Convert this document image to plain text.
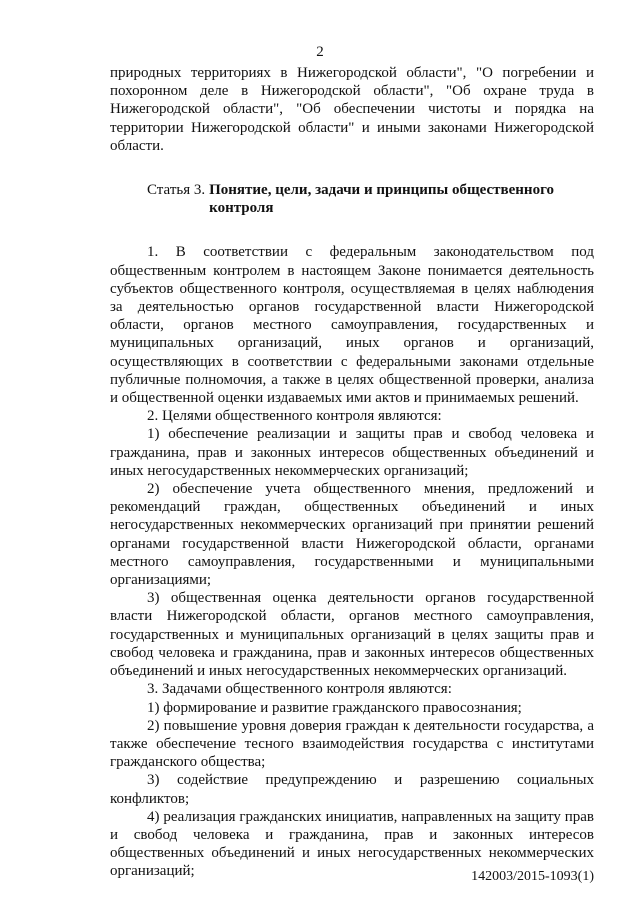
2

природных территориях в Нижегородской области", "О погребении и похоронном деле в Нижегородской области", "Об охране труда в Нижегородской области", "Об обеспечении чистоты и порядка на территории Нижегородской области" и иными законами Нижегородской области.

Статья 3. Понятие, цели, задачи и принципы общественного контроля

1. В соответствии с федеральным законодательством под общественным контролем в настоящем Законе понимается деятельность субъектов общественного контроля, осуществляемая в целях наблюдения за деятельностью органов государственной власти Нижегородской области, органов местного самоуправления, государственных и муниципальных организаций, иных органов и организаций, осуществляющих в соответствии с федеральными законами отдельные публичные полномочия, а также в целях общественной проверки, анализа и общественной оценки издаваемых ими актов и принимаемых решений.

2. Целями общественного контроля являются:

1) обеспечение реализации и защиты прав и свобод человека и гражданина, прав и законных интересов общественных объединений и иных негосударственных некоммерческих организаций;

2) обеспечение учета общественного мнения, предложений и рекомендаций граждан, общественных объединений и иных негосударственных некоммерческих организаций при принятии решений органами государственной власти Нижегородской области, органами местного самоуправления, государственными и муниципальными организациями;

3) общественная оценка деятельности органов государственной власти Нижегородской области, органов местного самоуправления, государственных и муниципальных организаций в целях защиты прав и свобод человека и гражданина, прав и законных интересов общественных объединений и иных негосударственных некоммерческих организаций.

3. Задачами общественного контроля являются:

1) формирование и развитие гражданского правосознания;

2) повышение уровня доверия граждан к деятельности государства, а также обеспечение тесного взаимодействия государства с институтами гражданского общества;

3) содействие предупреждению и разрешению социальных конфликтов;

4) реализация гражданских инициатив, направленных на защиту прав и свобод человека и гражданина, прав и законных интересов общественных объединений и иных негосударственных некоммерческих организаций;	142003/2015-1093(1)
